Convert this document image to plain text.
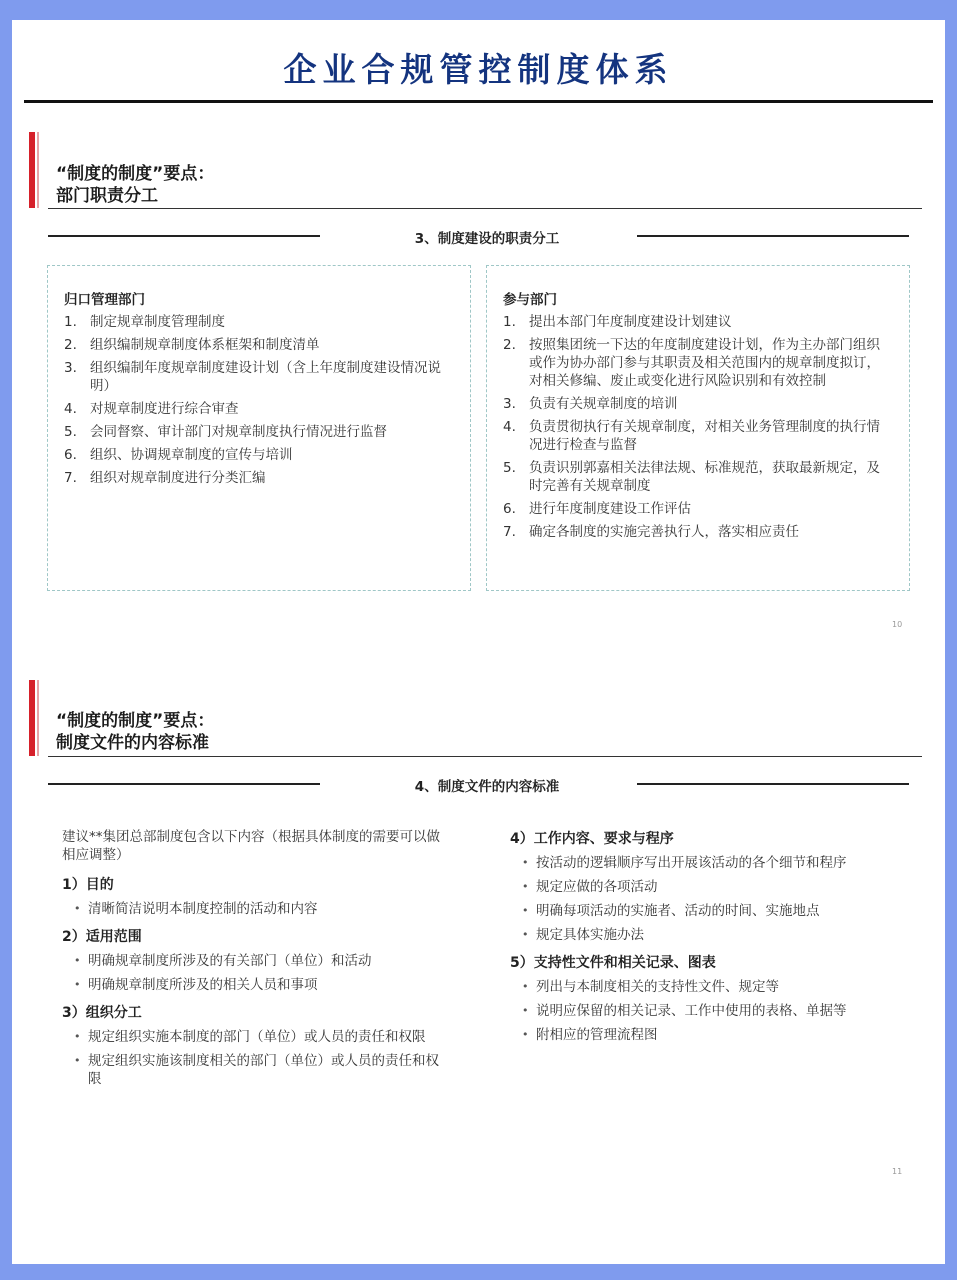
企业合规管控制度体系
“制度的制度”要点：
部门职责分工
3、制度建设的职责分工
归口管理部门
1. 制定规章制度管理制度
2. 组织编制规章制度体系框架和制度清单
3. 组织编制年度规章制度建设计划（含上年度制度建设情况说明）
4. 对规章制度进行综合审查
5. 会同督察、审计部门对规章制度执行情况进行监督
6. 组织、协调规章制度的宣传与培训
7. 组织对规章制度进行分类汇编
参与部门
1. 提出本部门年度制度建设计划建议
2. 按照集团统一下达的年度制度建设计划，作为主办部门组织或作为协办部门参与其职责及相关范围内的规章制度拟订，对相关修编、废止或变化进行风险识别和有效控制
3. 负责有关规章制度的培训
4. 负责贯彻执行有关规章制度，对相关业务管理制度的执行情况进行检查与监督
5. 负责识别郭嘉相关法律法规、标准规范，获取最新规定，及时完善有关规章制度
6. 进行年度制度建设工作评估
7. 确定各制度的实施完善执行人，落实相应责任
10
“制度的制度”要点：
制度文件的内容标准
4、制度文件的内容标准
建议**集团总部制度包含以下内容（根据具体制度的需要可以做相应调整）
1）目的
• 清晰简洁说明本制度控制的活动和内容
2）适用范围
• 明确规章制度所涉及的有关部门（单位）和活动
• 明确规章制度所涉及的相关人员和事项
3）组织分工
• 规定组织实施本制度的部门（单位）或人员的责任和权限
• 规定组织实施该制度相关的部门（单位）或人员的责任和权限
4）工作内容、要求与程序
• 按活动的逻辑顺序写出开展该活动的各个细节和程序
• 规定应做的各项活动
• 明确每项活动的实施者、活动的时间、实施地点
• 规定具体实施办法
5）支持性文件和相关记录、图表
• 列出与本制度相关的支持性文件、规定等
• 说明应保留的相关记录、工作中使用的表格、单据等
• 附相应的管理流程图
11
